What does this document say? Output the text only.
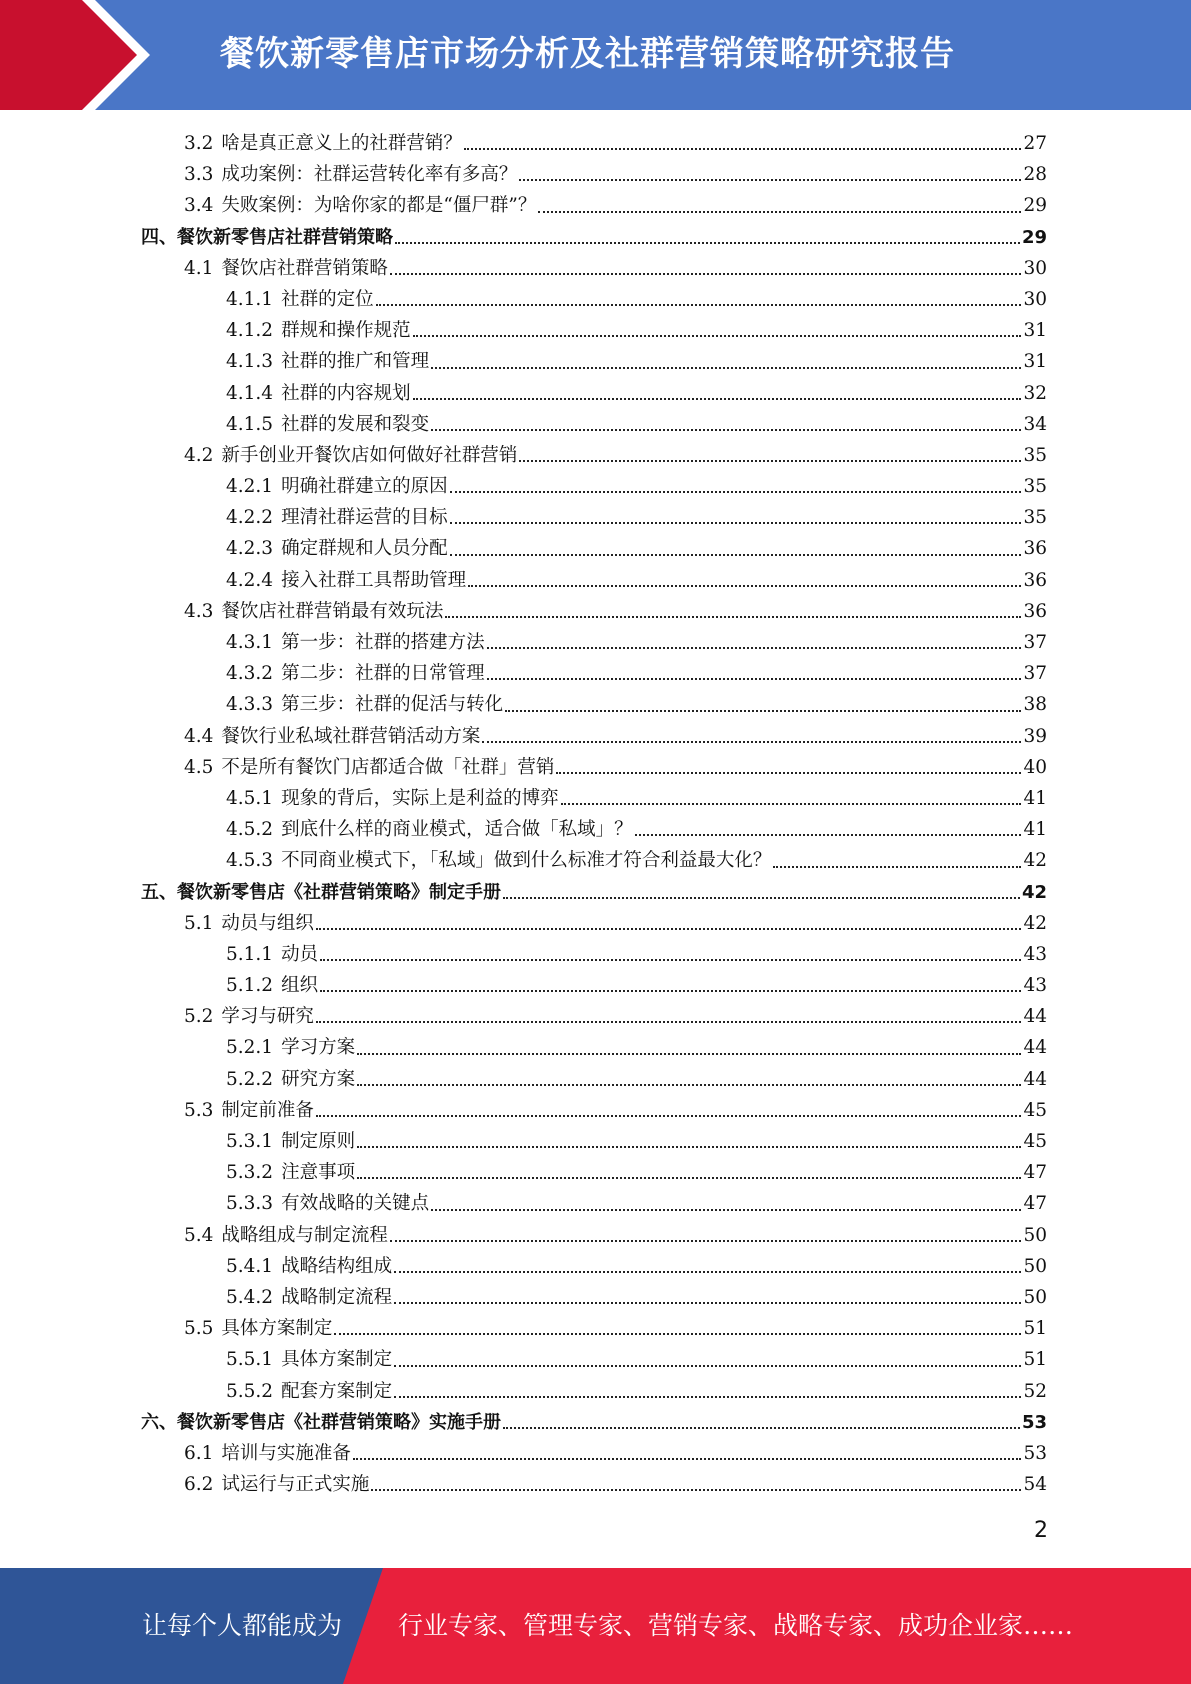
餐饮新零售店市场分析及社群营销策略研究报告
3.2 啥是真正意义上的社群营销？	27
3.3 成功案例：社群运营转化率有多高？	28
3.4 失败案例：为啥你家的都是“僵尸群”？	29
四、餐饮新零售店社群营销策略	29
4.1 餐饮店社群营销策略	30
4.1.1 社群的定位	30
4.1.2 群规和操作规范	31
4.1.3 社群的推广和管理	31
4.1.4 社群的内容规划	32
4.1.5 社群的发展和裂变	34
4.2 新手创业开餐饮店如何做好社群营销	35
4.2.1 明确社群建立的原因	35
4.2.2 理清社群运营的目标	35
4.2.3 确定群规和人员分配	36
4.2.4 接入社群工具帮助管理	36
4.3 餐饮店社群营销最有效玩法	36
4.3.1 第一步：社群的搭建方法	37
4.3.2 第二步：社群的日常管理	37
4.3.3 第三步：社群的促活与转化	38
4.4 餐饮行业私域社群营销活动方案	39
4.5 不是所有餐饮门店都适合做「社群」营销	40
4.5.1 现象的背后，实际上是利益的博弈	41
4.5.2 到底什么样的商业模式，适合做「私域」？	41
4.5.3 不同商业模式下，「私域」做到什么标准才符合利益最大化？	42
五、餐饮新零售店《社群营销策略》制定手册	42
5.1 动员与组织	42
5.1.1 动员	43
5.1.2 组织	43
5.2 学习与研究	44
5.2.1 学习方案	44
5.2.2 研究方案	44
5.3 制定前准备	45
5.3.1 制定原则	45
5.3.2 注意事项	47
5.3.3 有效战略的关键点	47
5.4 战略组成与制定流程	50
5.4.1 战略结构组成	50
5.4.2 战略制定流程	50
5.5 具体方案制定	51
5.5.1 具体方案制定	51
5.5.2 配套方案制定	52
六、餐饮新零售店《社群营销策略》实施手册	53
6.1 培训与实施准备	53
6.2 试运行与正式实施	54
2
让每个人都能成为 行业专家、管理专家、营销专家、战略专家、成功企业家……
